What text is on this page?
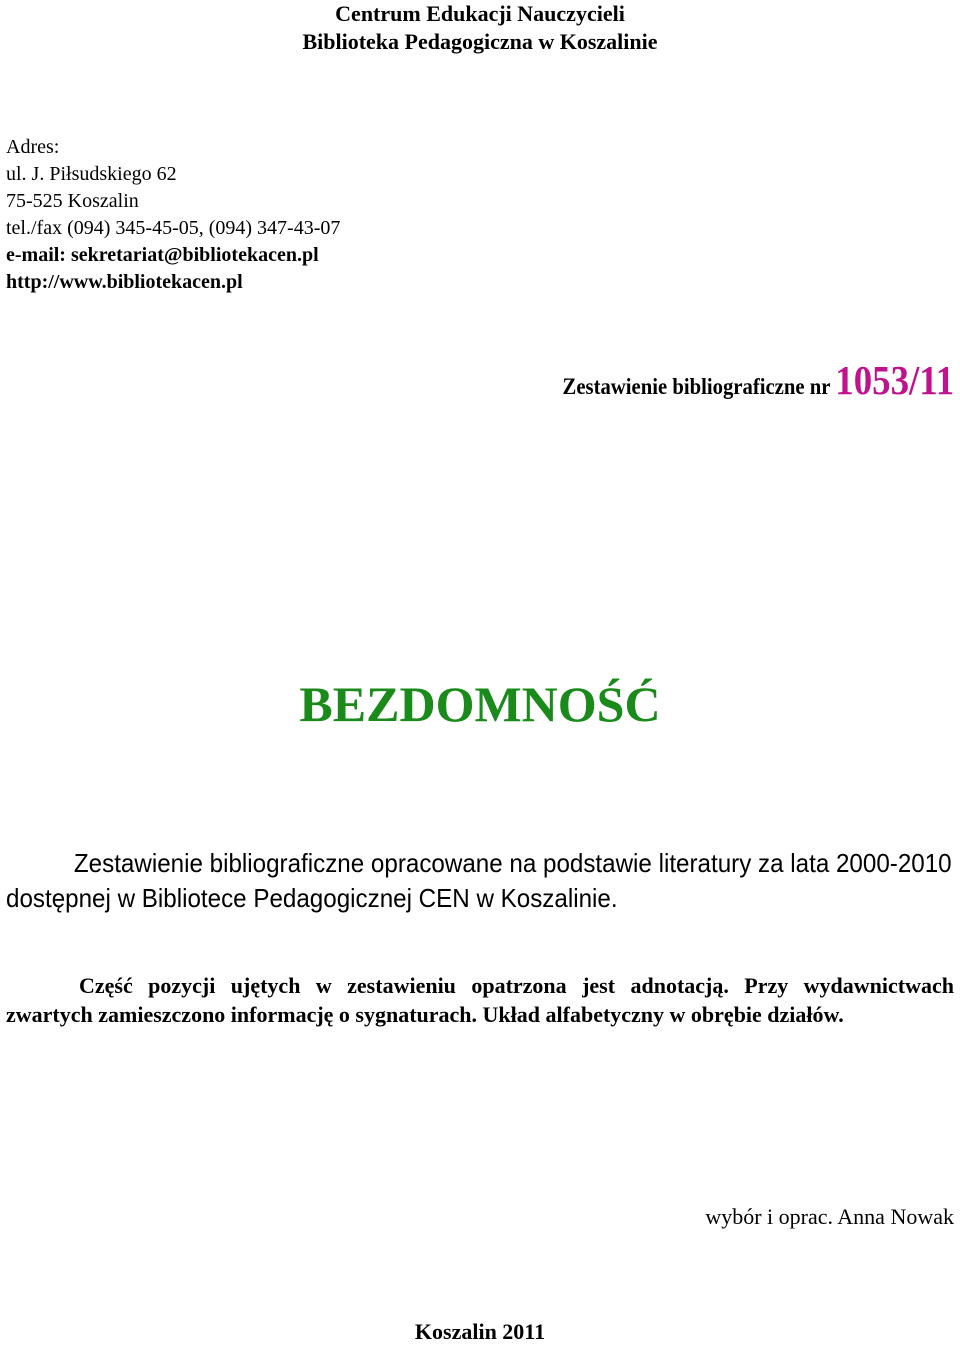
Centrum Edukacji Nauczycieli
Biblioteka Pedagogiczna w Koszalinie
Adres:
ul. J. Piłsudskiego 62
75-525 Koszalin
tel./fax (094) 345-45-05, (094) 347-43-07
e-mail: sekretariat@bibliotekacen.pl
http://www.bibliotekacen.pl
Zestawienie bibliograficzne nr 1053/11
BEZDOMNOŚĆ
Zestawienie bibliograficzne opracowane na podstawie literatury za lata 2000-2010 dostępnej w Bibliotece Pedagogicznej CEN w Koszalinie.
Część pozycji ujętych w zestawieniu opatrzona jest adnotacją. Przy wydawnictwach zwartych zamieszczono informację o sygnaturach. Układ alfabetyczny w obrębie działów.
wybór i oprac. Anna Nowak
Koszalin 2011
